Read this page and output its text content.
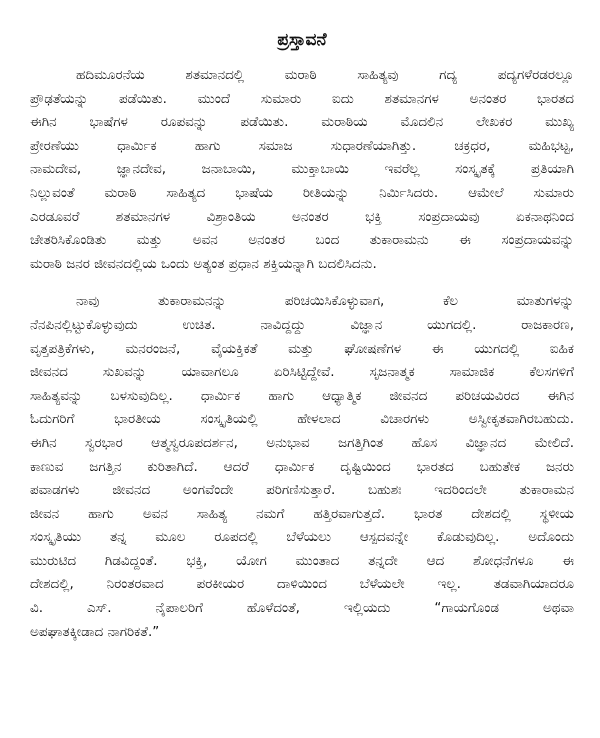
ಪ್ರಸ್ತಾವನೆ
ಹದಿಮೂರನೆಯ ಶತಮಾನದಲ್ಲಿ ಮರಾಠಿ ಸಾಹಿತ್ಯವು ಗದ್ಯ ಪದ್ಯಗಳೆರಡರಲ್ಲೂ
ಪ್ರೌಢತೆಯನ್ನು ಪಡೆಯಿತು. ಮುಂದೆ ಸುಮಾರು ಐದು ಶತಮಾನಗಳ ಅನಂತರ ಭಾರತದ
ಈಗಿನ ಭಾಷೆಗಳ ರೂಪವನ್ನು ಪಡೆಯಿತು. ಮರಾಠಿಯ ಮೊದಲಿನ ಲೇಖಕರ ಮುಖ್ಯ
ಪ್ರೇರಣೆಯು ಧಾರ್ಮಿಕ ಹಾಗು ಸಮಾಜ ಸುಧಾರಣೆಯಾಗಿತ್ತು. ಚಕ್ರಧರ, ಮಹಿಭಟ್ಟ,
ನಾಮದೇವ, ಜ್ಞಾನದೇವ, ಜನಾಬಾಯಿ, ಮುಕ್ತಾಬಾಯಿ ಇವರೆಲ್ಲ ಸಂಸ್ಕೃತಕ್ಕೆ ಪ್ರತಿಯಾಗಿ
ನಿಲ್ಲುವಂತೆ ಮರಾಠಿ ಸಾಹಿತ್ಯದ ಭಾಷೆಯ ರೀತಿಯನ್ನು ನಿರ್ಮಿಸಿದರು. ಆಮೇಲೆ ಸುಮಾರು
ಎರಡೂವರೆ ಶತಮಾನಗಳ ವಿಶ್ರಾಂತಿಯ ಅನಂತರ ಭಕ್ತಿ ಸಂಪ್ರದಾಯವು ಏಕನಾಥನಿಂದ
ಚೇತರಿಸಿಕೊಂಡಿತು ಮತ್ತು ಅವನ ಅನಂತರ ಬಂದ ತುಕಾರಾಮನು ಈ ಸಂಪ್ರದಾಯವನ್ನು
ಮರಾಠಿ ಜನರ ಜೀವನದಲ್ಲಿಯ ಒಂದು ಅತ್ಯಂತ ಪ್ರಧಾನ ಶಕ್ತಿಯನ್ನಾಗಿ ಬದಲಿಸಿದನು.
ನಾವು ತುಕಾರಾಮನನ್ನು ಪರಿಚಯಿಸಿಕೊಳ್ಳುವಾಗ, ಕೆಲ ಮಾತುಗಳನ್ನು
ನೆನಪಿನಲ್ಲಿಟ್ಟುಕೊಳ್ಳುವುದು ಉಚಿತ. ನಾವಿದ್ದದ್ದು ವಿಜ್ಞಾನ ಯುಗದಲ್ಲಿ. ರಾಜಕಾರಣ,
ವೃತ್ತಪತ್ರಿಕೆಗಳು, ಮನರಂಜನೆ, ವೈಯಕ್ತಿಕತೆ ಮತ್ತು ಘೋಷಣೆಗಳ ಈ ಯುಗದಲ್ಲಿ ಐಹಿಕ
ಜೀವನದ ಸುಖವನ್ನು ಯಾವಾಗಲೂ ಏರಿಸಿಟ್ಟಿದ್ದೇವೆ. ಸೃಜನಾತ್ಮಕ ಸಾಮಾಜಿಕ ಕೆಲಸಗಳಿಗೆ
ಸಾಹಿತ್ಯವನ್ನು ಬಳಸುವುದಿಲ್ಲ. ಧಾರ್ಮಿಕ ಹಾಗು ಆಧ್ಯಾತ್ಮಿಕ ಜೀವನದ ಪರಿಚಯವಿರದ ಈಗಿನ
ಓದುಗರಿಗೆ ಭಾರತೀಯ ಸಂಸ್ಕೃತಿಯಲ್ಲಿ ಹೇಳಲಾದ ವಿಚಾರಗಳು ಅಸ್ವೀಕೃತವಾಗಿರಬಹುದು.
ಈಗಿನ ಸ್ವರಭಾರ ಆತ್ಮಸ್ವರೂಪದರ್ಶನ, ಅನುಭಾವ ಜಗತ್ತಿಗಿಂತ ಹೊಸ ವಿಜ್ಞಾನದ ಮೇಲಿದೆ.
ಕಾಣುವ ಜಗತ್ತಿನ ಕುರಿತಾಗಿದೆ. ಆದರೆ ಧಾರ್ಮಿಕ ದೃಷ್ಟಿಯಿಂದ ಭಾರತದ ಬಹುತೇಕ ಜನರು
ಪವಾಡಗಳು ಜೀವನದ ಅಂಗವೆಂದೇ ಪರಿಗಣಿಸುತ್ತಾರೆ. ಬಹುಶಃ ಇದರಿಂದಲೇ ತುಕಾರಾಮನ
ಜೀವನ ಹಾಗು ಅವನ ಸಾಹಿತ್ಯ ನಮಗೆ ಹತ್ತಿರವಾಗುತ್ತದೆ. ಭಾರತ ದೇಶದಲ್ಲಿ ಸ್ಥಳೀಯ
ಸಂಸ್ಕೃತಿಯು ತನ್ನ ಮೂಲ ರೂಪದಲ್ಲಿ ಬೆಳೆಯಲು ಆಸ್ಪದವನ್ನೇ ಕೊಡುವುದಿಲ್ಲ. ಅದೊಂದು
ಮುರುಟಿದ ಗಿಡವಿದ್ದಂತೆ. ಭಕ್ತಿ, ಯೋಗ ಮುಂತಾದ ತನ್ನದೇ ಆದ ಶೋಧನೆಗಳೂ ಈ
ದೇಶದಲ್ಲಿ, ನಿರಂತರವಾದ ಪರಕೀಯರ ದಾಳಿಯಿಂದ ಬೆಳೆಯಲೇ ಇಲ್ಲ. ತಡವಾಗಿಯಾದರೂ
ವಿ. ಎಸ್. ನೈಪಾಲರಿಗೆ ಹೊಳೆದಂತೆ, ಇಲ್ಲಿಯದು “ಗಾಯಗೊಂಡ ಅಥವಾ
ಅಪಘಾತಕ್ಕೀಡಾದ ನಾಗರಿಕತೆ.”
